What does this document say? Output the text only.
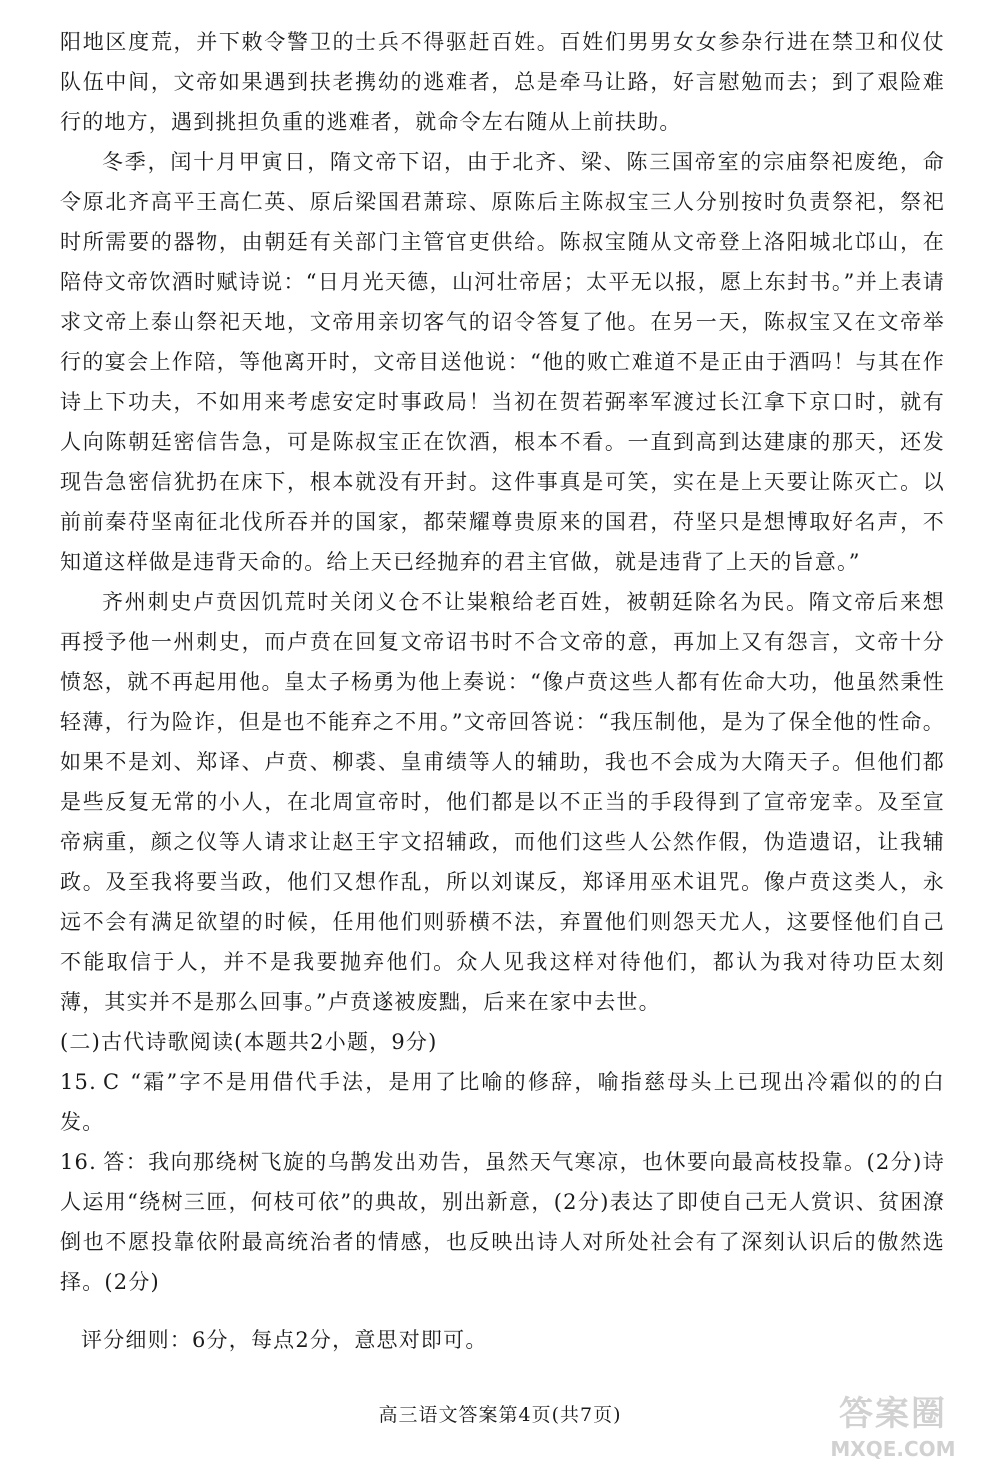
阳地区度荒，并下敕令警卫的士兵不得驱赶百姓。百姓们男男女女参杂行进在禁卫和仪仗队伍中间，文帝如果遇到扶老携幼的逃难者，总是牵马让路，好言慰勉而去；到了艰险难行的地方，遇到挑担负重的逃难者，就命令左右随从上前扶助。

冬季，闰十月甲寅日，隋文帝下诏，由于北齐、梁、陈三国帝室的宗庙祭祀废绝，命令原北齐高平王高仁英、原后梁国君萧琮、原陈后主陈叔宝三人分别按时负责祭祀，祭祀时所需要的器物，由朝廷有关部门主管官吏供给。陈叔宝随从文帝登上洛阳城北邙山，在陪侍文帝饮酒时赋诗说：“日月光天德，山河壮帝居；太平无以报，愿上东封书。”并上表请求文帝上泰山祭祀天地，文帝用亲切客气的诏令答复了他。在另一天，陈叔宝又在文帝举行的宴会上作陪，等他离开时，文帝目送他说：“他的败亡难道不是正由于酒吗！与其在作诗上下功夫，不如用来考虑安定时事政局！当初在贺若弼率军渡过长江拿下京口时，就有人向陈朝廷密信告急，可是陈叔宝正在饮酒，根本不看。一直到高到达建康的那天，还发现告急密信犹扔在床下，根本就没有开封。这件事真是可笑，实在是上天要让陈灭亡。以前前秦苻坚南征北伐所吞并的国家，都荣耀尊贵原来的国君，苻坚只是想博取好名声，不知道这样做是违背天命的。给上天已经抛弃的君主官做，就是违背了上天的旨意。”

齐州刺史卢贲因饥荒时关闭义仓不让粜粮给老百姓，被朝廷除名为民。隋文帝后来想再授予他一州刺史，而卢贲在回复文帝诏书时不合文帝的意，再加上又有怨言，文帝十分愤怒，就不再起用他。皇太子杨勇为他上奏说：“像卢贲这些人都有佐命大功，他虽然秉性轻薄，行为险诈，但是也不能弃之不用。”文帝回答说：“我压制他，是为了保全他的性命。如果不是刘、郑译、卢贲、柳裘、皇甫绩等人的辅助，我也不会成为大隋天子。但他们都是些反复无常的小人，在北周宣帝时，他们都是以不正当的手段得到了宣帝宠幸。及至宣帝病重，颜之仪等人请求让赵王宇文招辅政，而他们这些人公然作假，伪造遗诏，让我辅政。及至我将要当政，他们又想作乱，所以刘谋反，郑译用巫术诅咒。像卢贲这类人，永远不会有满足欲望的时候，任用他们则骄横不法，弃置他们则怨天尤人，这要怪他们自己不能取信于人，并不是我要抛弃他们。众人见我这样对待他们，都认为我对待功臣太刻薄，其实并不是那么回事。”卢贲遂被废黜，后来在家中去世。

(二)古代诗歌阅读(本题共2小题，9分)

15. C “霜”字不是用借代手法，是用了比喻的修辞，喻指慈母头上已现出冷霜似的的白发。

16. 答：我向那绕树飞旋的乌鹊发出劝告，虽然天气寒凉，也休要向最高枝投靠。(2分)诗人运用“绕树三匝，何枝可依”的典故，别出新意，(2分)表达了即使自己无人赏识、贫困潦倒也不愿投靠依附最高统治者的情感，也反映出诗人对所处社会有了深刻认识后的傲然选择。(2分)

评分细则：6分，每点2分，意思对即可。

高三语文答案第4页(共7页)	答案圈
MXQE.COM
